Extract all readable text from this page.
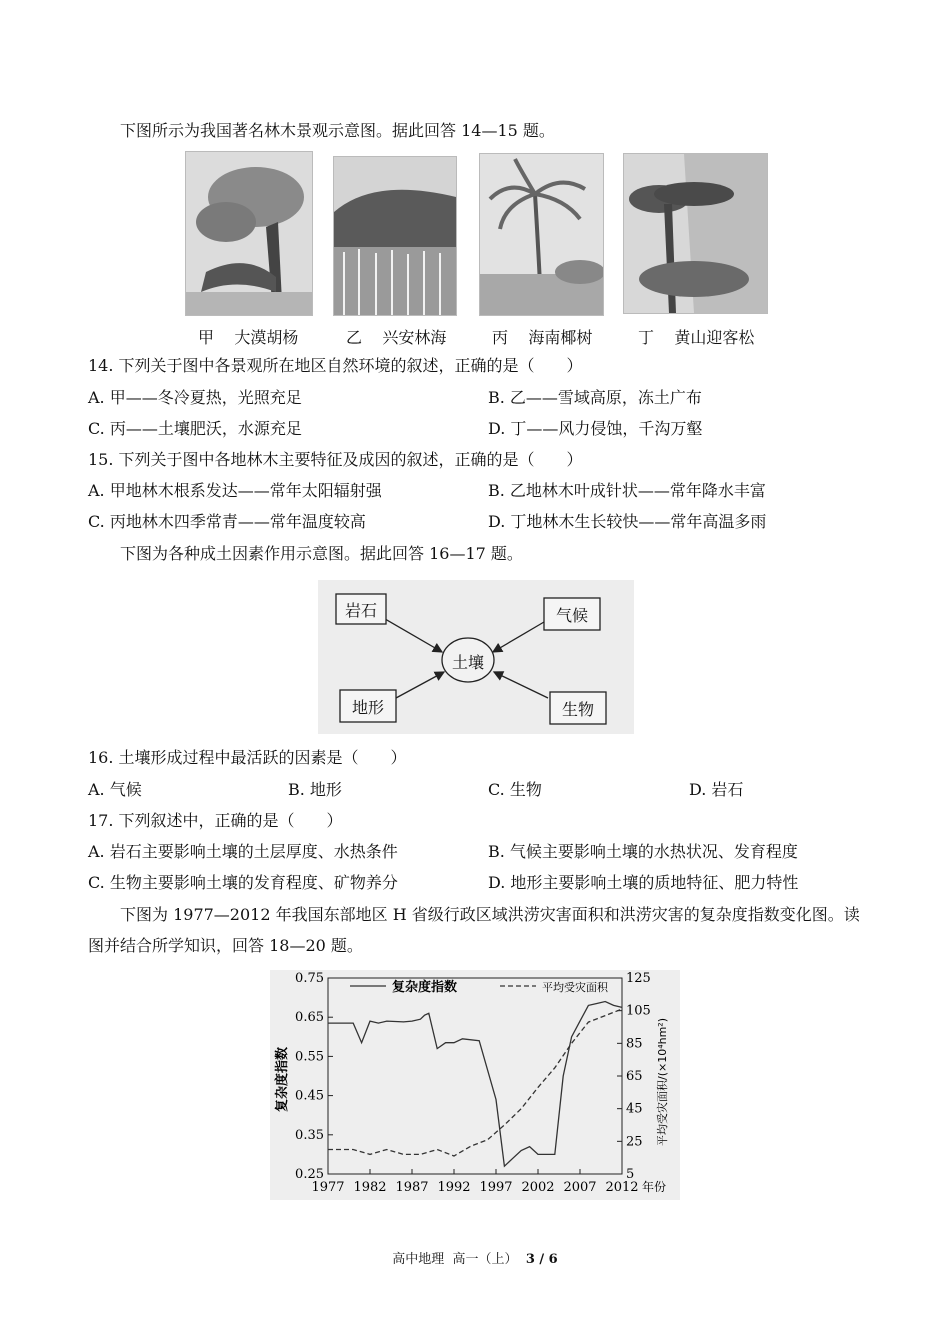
下图所示为我国著名林木景观示意图。据此回答 14—15 题。
甲 大漠胡杨	乙 兴安林海	丙 海南椰树	丁 黄山迎客松
14. 下列关于图中各景观所在地区自然环境的叙述，正确的是（　　）
A. 甲——冬冷夏热，光照充足	B. 乙——雪域高原，冻土广布
C. 丙——土壤肥沃，水源充足	D. 丁——风力侵蚀，千沟万壑
15. 下列关于图中各地林木主要特征及成因的叙述，正确的是（　　）
A. 甲地林木根系发达——常年太阳辐射强	B. 乙地林木叶成针状——常年降水丰富
C. 丙地林木四季常青——常年温度较高	D. 丁地林木生长较快——常年高温多雨
下图为各种成土因素作用示意图。据此回答 16—17 题。
土壤
岩石	气候
地形	生物
16. 土壤形成过程中最活跃的因素是（　　）
A. 气候	B. 地形	C. 生物	D. 岩石
17. 下列叙述中，正确的是（　　）
A. 岩石主要影响土壤的土层厚度、水热条件	B. 气候主要影响土壤的水热状况、发育程度
C. 生物主要影响土壤的发育程度、矿物养分	D. 地形主要影响土壤的质地特征、肥力特性
下图为 1977—2012 年我国东部地区 H 省级行政区域洪涝灾害面积和洪涝灾害的复杂度指数变化图。读
图并结合所学知识，回答 18—20 题。
0.25
0.35
0.45
0.55
0.65
0.75
5
25
45
65
85
105
125
1977 1982 1987 1992 1997 2002 2007 2012 年份
复杂度指数	平均受灾面积/(×10⁴hm²)
复杂度指数	平均受灾面积
高中地理 高一（上） 3 / 6
